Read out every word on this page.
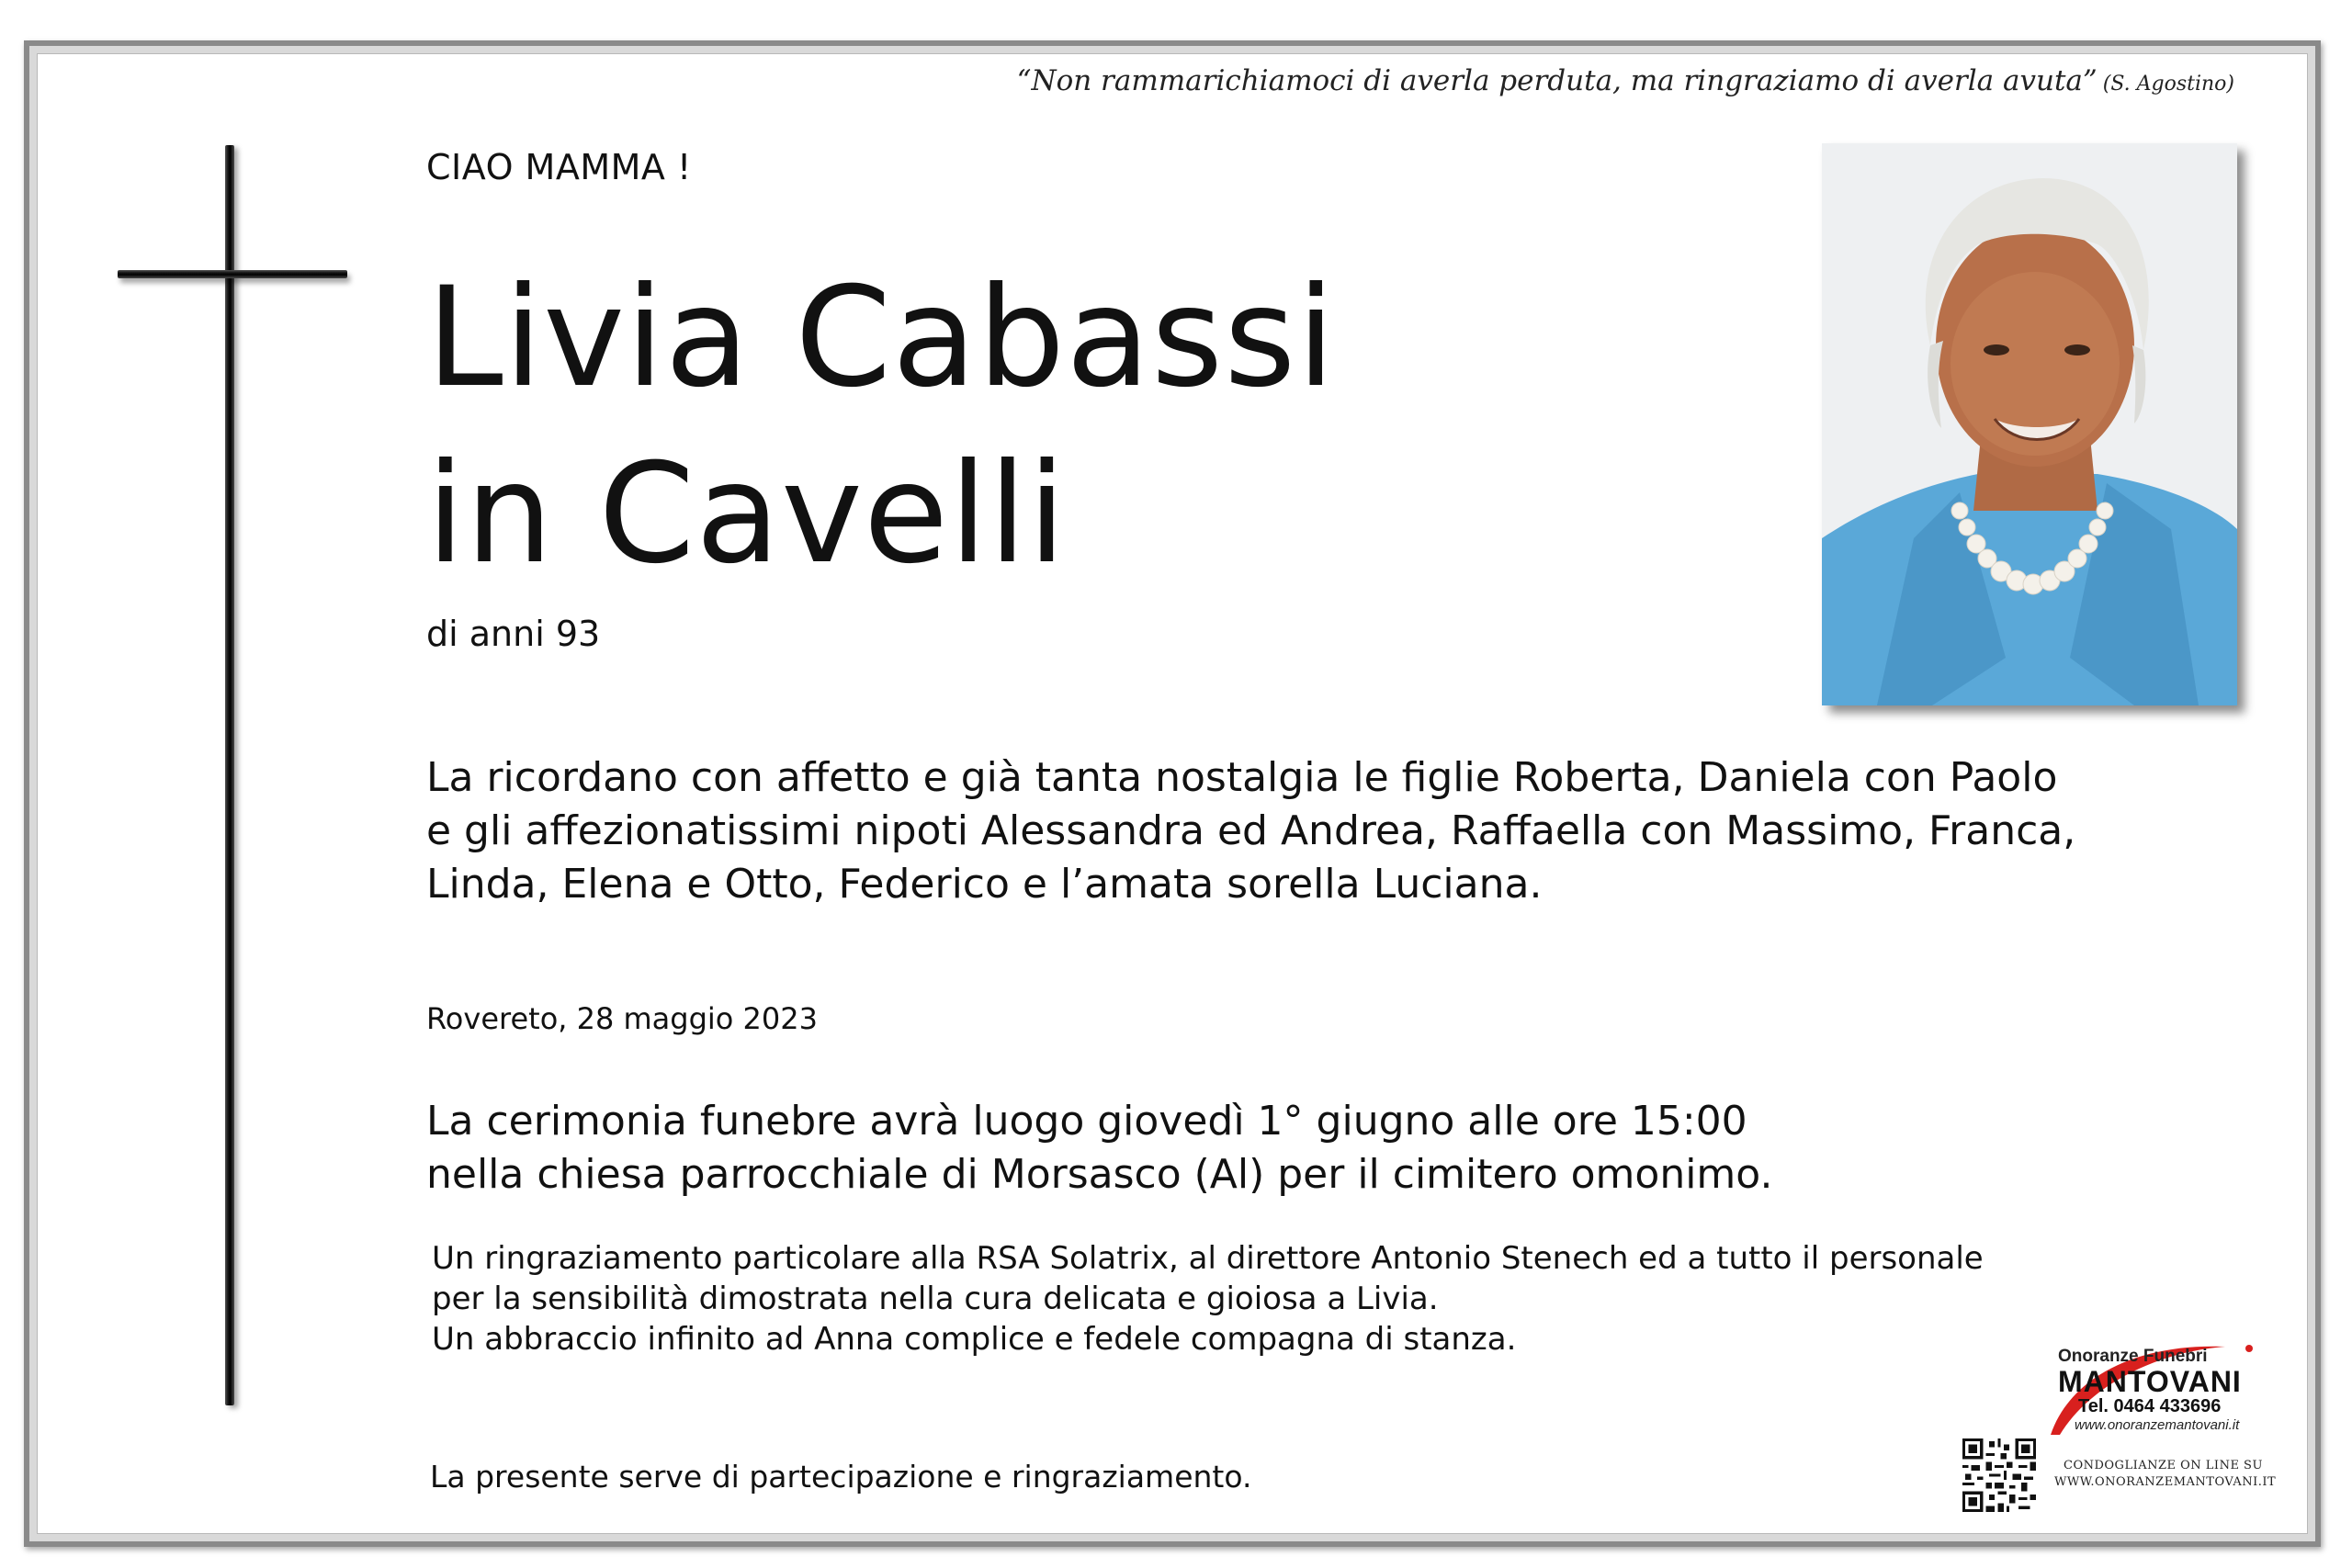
“Non rammarichiamoci di averla perduta, ma ringraziamo di averla avuta” (S. Agostino)
CIAO MAMMA !
Livia Cabassi
in Cavelli
di anni 93
La ricordano con affetto e già tanta nostalgia le figlie Roberta, Daniela con Paolo
e gli affezionatissimi nipoti Alessandra ed Andrea, Raffaella con Massimo, Franca,
Linda, Elena e Otto, Federico e l’amata sorella Luciana.
Rovereto, 28 maggio 2023
La cerimonia funebre avrà luogo giovedì 1° giugno alle ore 15:00
nella chiesa parrocchiale di Morsasco (Al) per il cimitero omonimo.
Un ringraziamento particolare alla RSA Solatrix, al direttore Antonio Stenech ed a tutto il personale
per la sensibilità dimostrata nella cura delicata e gioiosa a Livia.
Un abbraccio infinito ad Anna complice e fedele compagna di stanza.
La presente serve di partecipazione e ringraziamento.
Onoranze Funebri
MANTOVANI
Tel. 0464 433696
www.onoranzemantovani.it
CONDOGLIANZE ON LINE SU
WWW.ONORANZEMANTOVANI.IT
